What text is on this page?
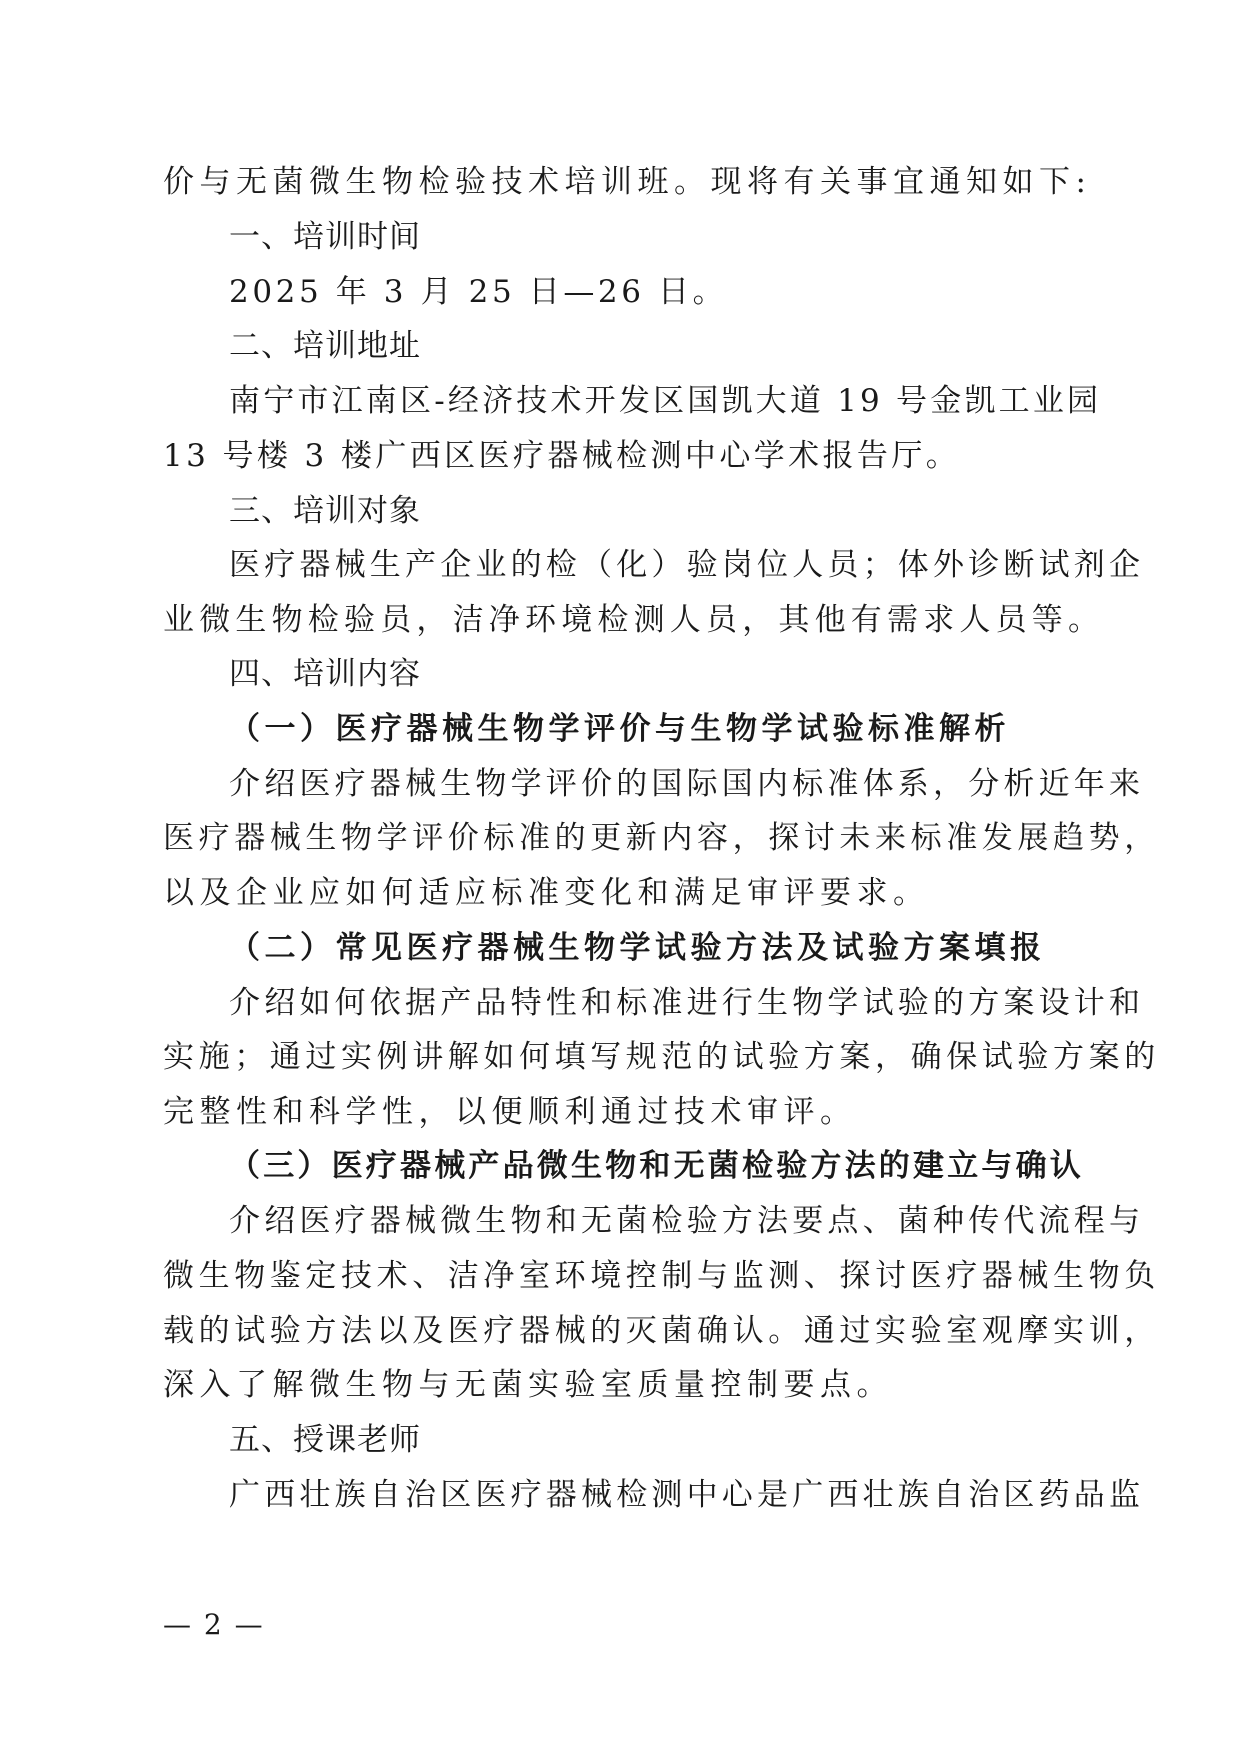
价与无菌微生物检验技术培训班。现将有关事宜通知如下:
一、培训时间
2025 年 3 月 25 日—26 日。
二、培训地址
南宁市江南区-经济技术开发区国凯大道 19 号金凯工业园
13 号楼 3 楼广西区医疗器械检测中心学术报告厅。
三、培训对象
医疗器械生产企业的检（化）验岗位人员；体外诊断试剂企
业微生物检验员，洁净环境检测人员，其他有需求人员等。
四、培训内容
（一）医疗器械生物学评价与生物学试验标准解析
介绍医疗器械生物学评价的国际国内标准体系，分析近年来
医疗器械生物学评价标准的更新内容，探讨未来标准发展趋势，
以及企业应如何适应标准变化和满足审评要求。
（二）常见医疗器械生物学试验方法及试验方案填报
介绍如何依据产品特性和标准进行生物学试验的方案设计和
实施；通过实例讲解如何填写规范的试验方案，确保试验方案的
完整性和科学性，以便顺利通过技术审评。
（三）医疗器械产品微生物和无菌检验方法的建立与确认
介绍医疗器械微生物和无菌检验方法要点、菌种传代流程与
微生物鉴定技术、洁净室环境控制与监测、探讨医疗器械生物负
载的试验方法以及医疗器械的灭菌确认。通过实验室观摩实训，
深入了解微生物与无菌实验室质量控制要点。
五、授课老师
广西壮族自治区医疗器械检测中心是广西壮族自治区药品监
— 2 —
